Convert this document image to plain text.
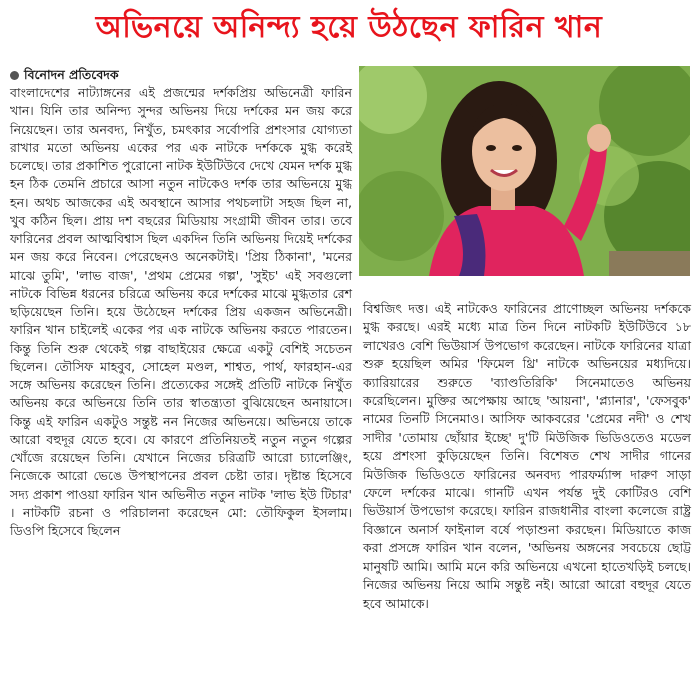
অভিনয়ে অনিন্দ্য হয়ে উঠছেন ফারিন খান
বিনোদন প্রতিবেদক

বাংলাদেশের নাট্যাঙ্গনের এই প্রজন্মের দর্শকপ্রিয় অভিনেত্রী ফারিন খান। যিনি তার অনিন্দ্য সুন্দর অভিনয় দিয়ে দর্শকের মন জয় করে নিয়েছেন। তার অনবদ্য, নিখুঁত, চমৎকার সর্বোপরি প্রশংসার যোগ্যতা রাখার মতো অভিনয় একের পর এক নাটকে দর্শককে মুগ্ধ করেই চলেছে। তার প্রকাশিত পুরোনো নাটক ইউটিউবে দেখে যেমন দর্শক মুগ্ধ হন ঠিক তেমনি প্রচারে আসা নতুন নাটকেও দর্শক তার অভিনয়ে মুগ্ধ হন। অথচ আজকের এই অবস্থানে আসার পথচলাটা সহজ ছিল না, খুব কঠিন ছিল। প্রায় দশ বছরের মিডিয়ায় সংগ্রামী জীবন তার। তবে ফারিনের প্রবল আত্মবিশ্বাস ছিল একদিন তিনি অভিনয় দিয়েই দর্শকের মন জয় করে নিবেন। পেরেছেনও অনেকটাই। 'প্রিয় ঠিকানা', 'মনের মাঝে তুমি', 'লাভ বাজ', 'প্রথম প্রেমের গল্প', 'সুইচ' এই সবগুলো নাটকে বিভিন্ন ধরনের চরিত্রে অভিনয় করে দর্শকের মাঝে মুগ্ধতার রেশ ছড়িয়েছেন তিনি। হয়ে উঠেছেন দর্শকের প্রিয় একজন অভিনেত্রী। ফারিন খান চাইলেই একের পর এক নাটকে অভিনয় করতে পারতেন। কিন্তু তিনি শুরু থেকেই গল্প বাছাইয়ের ক্ষেত্রে একটু বেশিই সচেতন ছিলেন। তৌসিফ মাহবুব, সোহেল মণ্ডল, শাশ্বত, পার্থ, ফারহান-এর সঙ্গে অভিনয় করেছেন তিনি। প্রত্যেকের সঙ্গেই প্রতিটি নাটকে নিখুঁত অভিনয় করে অভিনয়ে তিনি তার স্বাতন্ত্র্যতা বুঝিয়েছেন অনায়াসে। কিন্তু এই ফারিন একটুও সন্তুষ্ট নন নিজের অভিনয়ে। অভিনয়ে তাকে আরো বহুদূর যেতে হবে। যে কারণে প্রতিনিয়তই নতুন নতুন গল্পের খোঁজে রয়েছেন তিনি। যেখানে নিজের চরিত্রটি আরো চ্যালেঞ্জিং, নিজেকে আরো ভেঙে উপস্থাপনের প্রবল চেষ্টা তার। দৃষ্টান্ত হিসেবে সদ্য প্রকাশ পাওয়া ফারিন খান অভিনীত নতুন নাটক 'লাভ ইউ টিচার' । নাটকটি রচনা ও পরিচালনা করেছেন মো: তৌফিকুল ইসলাম। ডিওপি হিসেবে ছিলেন

বিশ্বজিৎ দত্ত। এই নাটকেও ফারিনের প্রাণোচ্ছল অভিনয় দর্শককে মুগ্ধ করছে। এরই মধ্যে মাত্র তিন দিনে নাটকটি ইউটিউবে ১৮ লাখেরও বেশি ভিউয়ার্স উপভোগ করেছেন। নাটকে ফারিনের যাত্রা শুরু হয়েছিল অমির 'ফিমেল থ্রি' নাটকে অভিনয়ের মধ্যদিয়ে। ক্যারিয়ারের শুরুতে 'ব্যাণ্ডতিরিকি' সিনেমাতেও অভিনয় করেছিলেন। মুক্তির অপেক্ষায় আছে 'আয়না', 'প্ল্যানার', 'ফেসবুক' নামের তিনটি সিনেমাও। আসিফ আকবরের 'প্রেমের নদী' ও শেখ সাদীর 'তোমায় ছোঁয়ার ইচ্ছে' দু'টি মিউজিক ভিডিওতেও মডেল হয়ে প্রশংসা কুড়িয়েছেন তিনি। বিশেষত শেখ সাদীর গানের মিউজিক ভিডিওতে ফারিনের অনবদ্য পারফর্ম্যান্স দারুণ সাড়া ফেলে দর্শকের মাঝে। গানটি এখন পর্যন্ত দুই কোটিরও বেশি ভিউয়ার্স উপভোগ করেছে। ফারিন রাজধানীর বাংলা কলেজে রাষ্ট্র বিজ্ঞানে অনার্স ফাইনাল বর্ষে পড়াশুনা করছেন। মিডিয়াতে কাজ করা প্রসঙ্গে ফারিন খান বলেন, 'অভিনয় অঙ্গনের সবচেয়ে ছোট্ট মানুষটি আমি। আমি মনে করি অভিনয়ে এখনো হাতেখড়িই চলছে। নিজের অভিনয় নিয়ে আমি সন্তুষ্ট নই। আরো আরো বহুদূর যেতে হবে আমাকে।
